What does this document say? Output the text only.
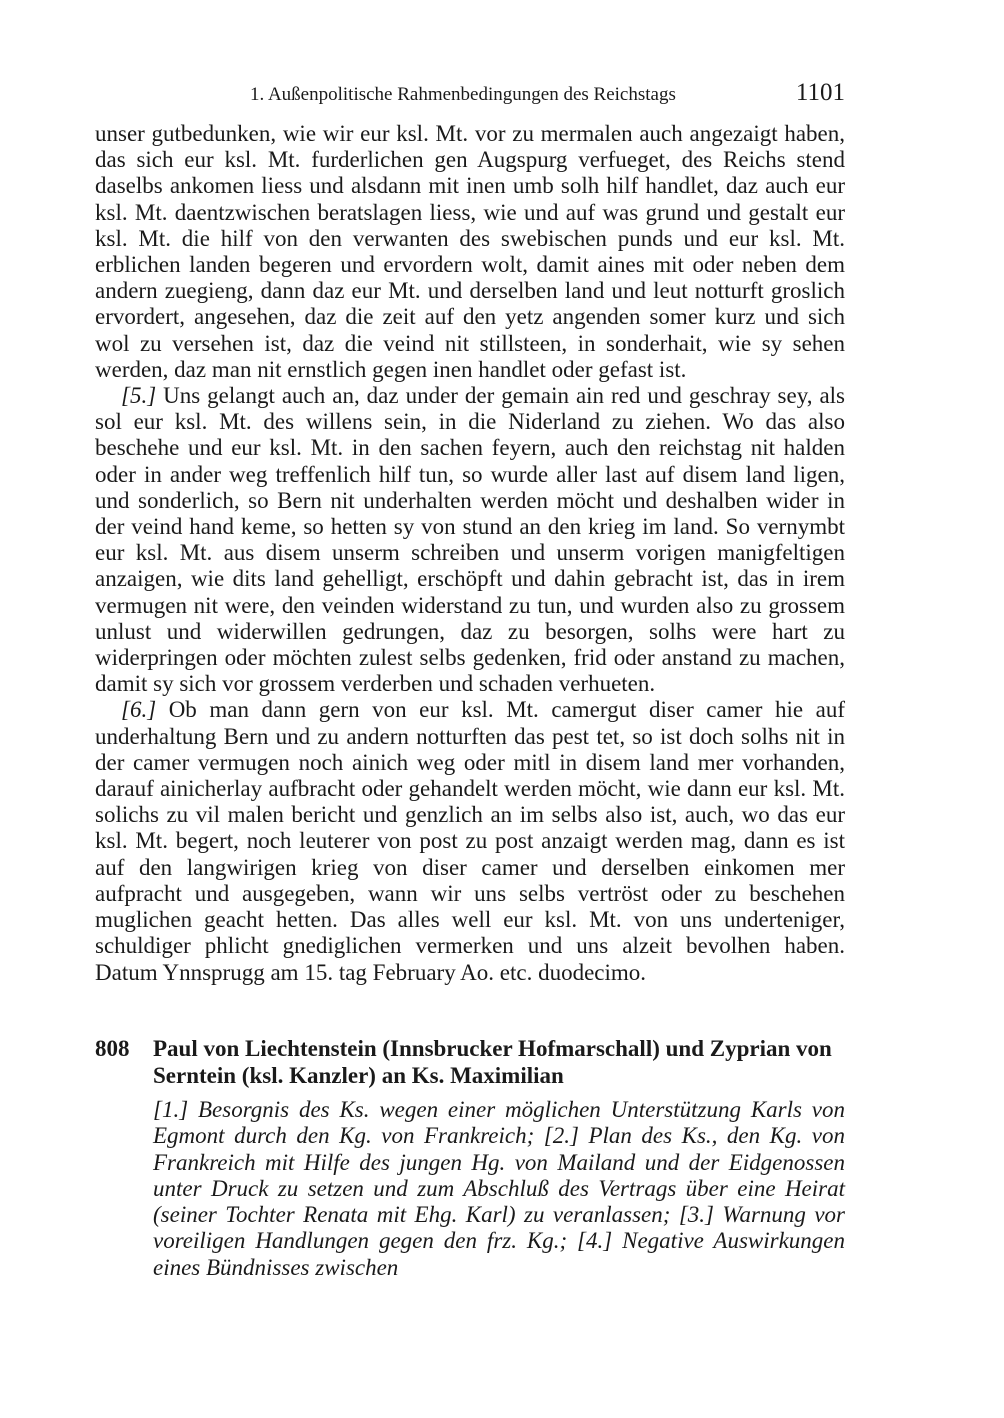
1. Außenpolitische Rahmenbedingungen des Reichstags	1101

unser gutbedunken, wie wir eur ksl. Mt. vor zu mermalen auch angezaigt haben, das sich eur ksl. Mt. furderlichen gen Augspurg verfueget, des Reichs stend daselbs ankomen liess und alsdann mit inen umb solh hilf handlet, daz auch eur ksl. Mt. daentzwischen beratslagen liess, wie und auf was grund und gestalt eur ksl. Mt. die hilf von den verwanten des swebischen punds und eur ksl. Mt. erblichen landen begeren und ervordern wolt, damit aines mit oder neben dem andern zuegieng, dann daz eur Mt. und derselben land und leut notturft groslich ervordert, angesehen, daz die zeit auf den yetz angenden somer kurz und sich wol zu versehen ist, daz die veind nit stillsteen, in sonderhait, wie sy sehen werden, daz man nit ernstlich gegen inen handlet oder gefast ist.

[5.] Uns gelangt auch an, daz under der gemain ain red und geschray sey, als sol eur ksl. Mt. des willens sein, in die Niderland zu ziehen. Wo das also beschehe und eur ksl. Mt. in den sachen feyern, auch den reichstag nit halden oder in ander weg treffenlich hilf tun, so wurde aller last auf disem land ligen, und sonderlich, so Bern nit underhalten werden möcht und deshalben wider in der veind hand keme, so hetten sy von stund an den krieg im land. So vernymbt eur ksl. Mt. aus disem unserm schreiben und unserm vorigen manigfeltigen anzaigen, wie dits land gehelligt, erschöpft und dahin gebracht ist, das in irem vermugen nit were, den veinden widerstand zu tun, und wurden also zu grossem unlust und widerwillen gedrungen, daz zu besorgen, solhs were hart zu widerpringen oder möchten zulest selbs gedenken, frid oder anstand zu machen, damit sy sich vor grossem verderben und schaden verhueten.

[6.] Ob man dann gern von eur ksl. Mt. camergut diser camer hie auf underhaltung Bern und zu andern notturften das pest tet, so ist doch solhs nit in der camer vermugen noch ainich weg oder mitl in disem land mer vorhanden, darauf ainicherlay aufbracht oder gehandelt werden möcht, wie dann eur ksl. Mt. solichs zu vil malen bericht und genzlich an im selbs also ist, auch, wo das eur ksl. Mt. begert, noch leuterer von post zu post anzaigt werden mag, dann es ist auf den langwirigen krieg von diser camer und derselben einkomen mer aufpracht und ausgegeben, wann wir uns selbs vertröst oder zu beschehen muglichen geacht hetten. Das alles well eur ksl. Mt. von uns underteniger, schuldiger phlicht gnediglichen vermerken und uns alzeit bevolhen haben. Datum Ynnsprugg am 15. tag February Ao. etc. duodecimo.

808 Paul von Liechtenstein (Innsbrucker Hofmarschall) und Zyprian von Serntein (ksl. Kanzler) an Ks. Maximilian

[1.] Besorgnis des Ks. wegen einer möglichen Unterstützung Karls von Egmont durch den Kg. von Frankreich; [2.] Plan des Ks., den Kg. von Frankreich mit Hilfe des jungen Hg. von Mailand und der Eidgenossen unter Druck zu setzen und zum Abschluß des Vertrags über eine Heirat (seiner Tochter Renata mit Ehg. Karl) zu veranlassen; [3.] Warnung vor voreiligen Handlungen gegen den frz. Kg.; [4.] Negative Auswirkungen eines Bündnisses zwischen
